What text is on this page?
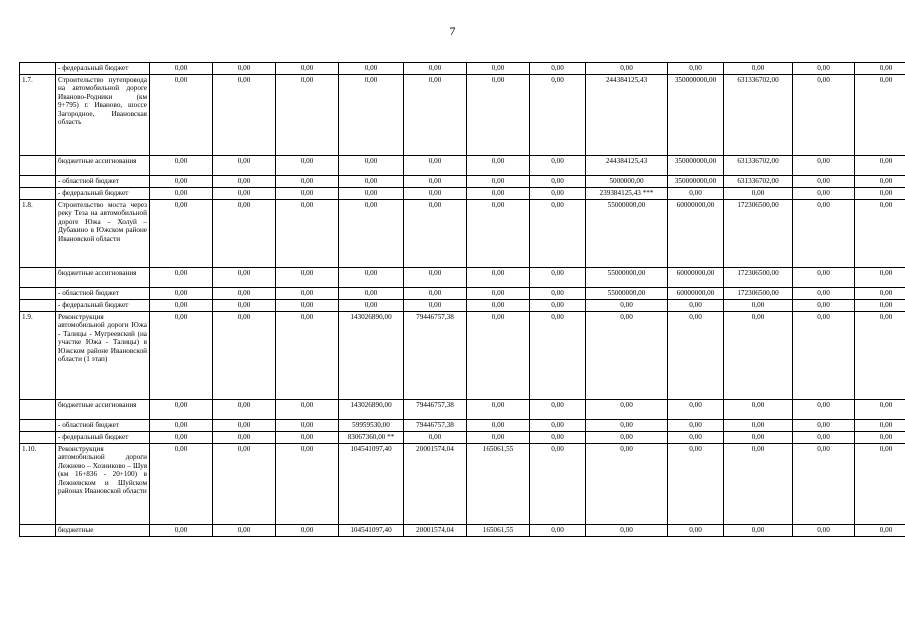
7
	- федеральный бюджет	0,00	0,00	0,00	0,00	0,00	0,00	0,00	0,00	0,00	0,00	0,00	0,00
1.7.	Строительство путепровода на автомобильной дороге Иваново-Родники (км 9+795) г. Иваново, шоссе Загородное, Ивановская область	0,00	0,00	0,00	0,00	0,00	0,00	0,00	244384125,43	350000000,00	631336702,00	0,00	0,00
	бюджетные ассигнования	0,00	0,00	0,00	0,00	0,00	0,00	0,00	244384125,43	350000000,00	631336702,00	0,00	0,00
	- областной бюджет	0,00	0,00	0,00	0,00	0,00	0,00	0,00	5000000,00	350000000,00	631336702,00	0,00	0,00
	- федеральный бюджет	0,00	0,00	0,00	0,00	0,00	0,00	0,00	239384125,43 ***	0,00	0,00	0,00	0,00
1.8.	Строительство моста через реку Теза на автомобильной дороге Южа – Холуй – Дубакино в Южском районе Ивановской области	0,00	0,00	0,00	0,00	0,00	0,00	0,00	55000000,00	60000000,00	172306500,00	0,00	0,00
	бюджетные ассигнования	0,00	0,00	0,00	0,00	0,00	0,00	0,00	55000000,00	60000000,00	172306500,00	0,00	0,00
	- областной бюджет	0,00	0,00	0,00	0,00	0,00	0,00	0,00	55000000,00	60000000,00	172306500,00	0,00	0,00
	- федеральный бюджет	0,00	0,00	0,00	0,00	0,00	0,00	0,00	0,00	0,00	0,00	0,00	0,00
1.9.	Реконструкция автомобильной дороги Южа - Талицы - Мугреевский (на участке Южа - Талицы) в Южском районе Ивановской области (1 этап)	0,00	0,00	0,00	143026890,00	79446757,38	0,00	0,00	0,00	0,00	0,00	0,00	0,00
	бюджетные ассигнования	0,00	0,00	0,00	143026890,00	79446757,38	0,00	0,00	0,00	0,00	0,00	0,00	0,00
	- областной бюджет	0,00	0,00	0,00	59959530,00	79446757,38	0,00	0,00	0,00	0,00	0,00	0,00	0,00
	- федеральный бюджет	0,00	0,00	0,00	83067360,00 **	0,00	0,00	0,00	0,00	0,00	0,00	0,00	0,00
1.10.	Реконструкция автомобильной дороги Лежнево – Хозниково – Шуя (км 16+836 - 20+100) в Лежневском и Шуйском районах Ивановской области	0,00	0,00	0,00	104541097,40	20001574,04	165061,55	0,00	0,00	0,00	0,00	0,00	0,00
	бюджетные	0,00	0,00	0,00	104541097,40	20001574,04	165061,55	0,00	0,00	0,00	0,00	0,00	0,00
